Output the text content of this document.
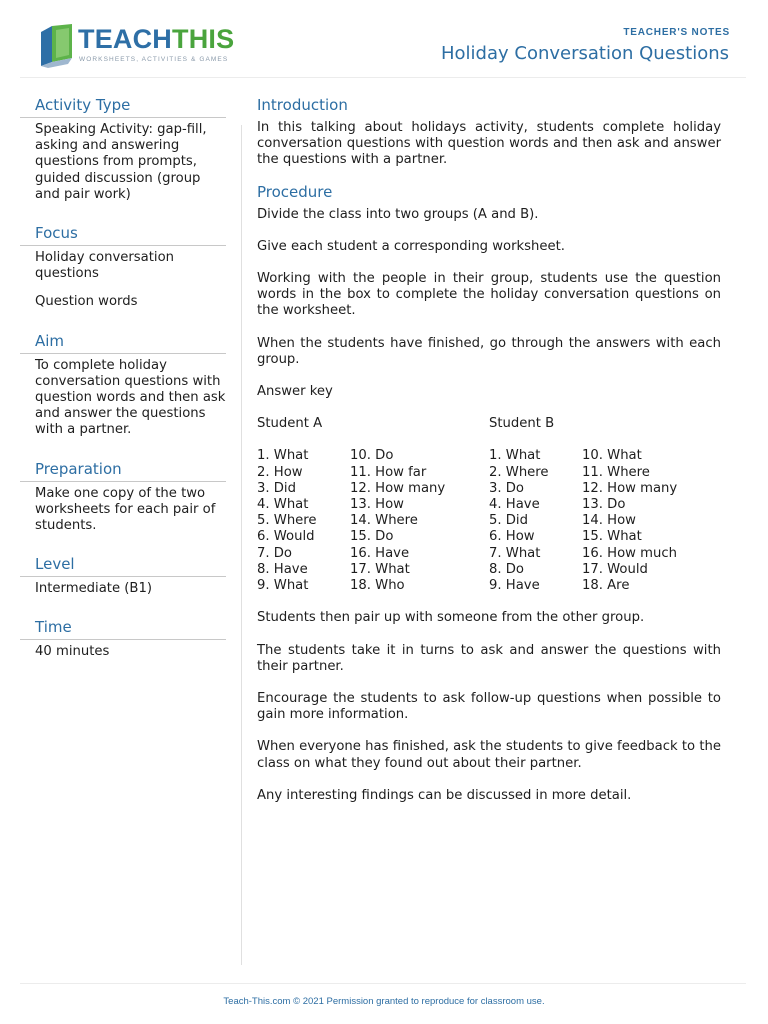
TEACHTHIS
WORKSHEETS, ACTIVITIES & GAMES
TEACHER'S NOTES
Holiday Conversation Questions
Activity Type

Speaking Activity: gap-fill, asking and answering questions from prompts, guided discussion (group and pair work)

Focus

Holiday conversation questions

Question words

Aim

To complete holiday conversation questions with question words and then ask and answer the questions with a partner.

Preparation

Make one copy of the two worksheets for each pair of students.

Level

Intermediate (B1)

Time

40 minutes

Introduction

In this talking about holidays activity, students complete holiday conversation questions with question words and then ask and answer the questions with a partner.

Procedure

Divide the class into two groups (A and B).

Give each student a corresponding worksheet.

Working with the people in their group, students use the question words in the box to complete the holiday conversation questions on the worksheet.

When the students have finished, go through the answers with each group.

Answer key

Student A	Student B
1. What
2. How
3. Did
4. What
5. Where
6. Would
7. Do
8. Have
9. What
10. Do
11. How far
12. How many
13. How
14. Where
15. Do
16. Have
17. What
18. Who
1. What
2. Where
3. Do
4. Have
5. Did
6. How
7. What
8. Do
9. Have
10. What
11. Where
12. How many
13. Do
14. How
15. What
16. How much
17. Would
18. Are

Students then pair up with someone from the other group.

The students take it in turns to ask and answer the questions with their partner.

Encourage the students to ask follow-up questions when possible to gain more information.

When everyone has finished, ask the students to give feedback to the class on what they found out about their partner.

Any interesting findings can be discussed in more detail.

Teach-This.com © 2021 Permission granted to reproduce for classroom use.
